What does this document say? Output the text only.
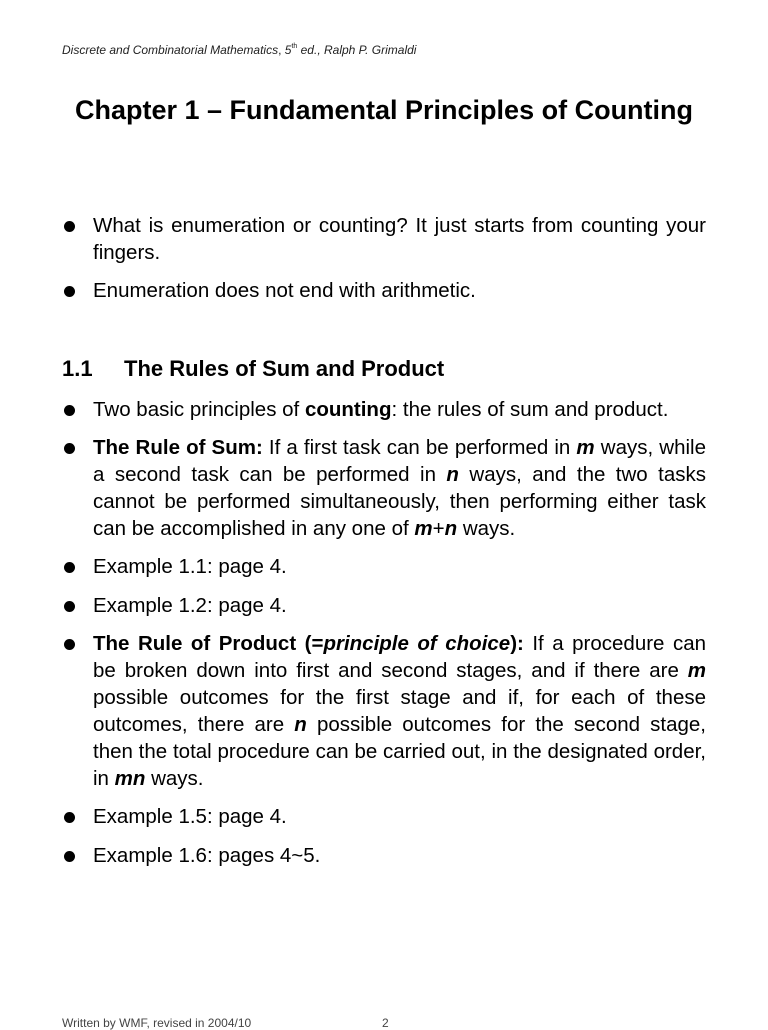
Discrete and Combinatorial Mathematics, 5th ed., Ralph P. Grimaldi
Chapter 1 – Fundamental Principles of Counting
What is enumeration or counting? It just starts from counting your fingers.
Enumeration does not end with arithmetic.
1.1 The Rules of Sum and Product
Two basic principles of counting: the rules of sum and product.
The Rule of Sum: If a first task can be performed in m ways, while a second task can be performed in n ways, and the two tasks cannot be performed simultaneously, then performing either task can be accomplished in any one of m+n ways.
Example 1.1: page 4.
Example 1.2: page 4.
The Rule of Product (=principle of choice): If a procedure can be broken down into first and second stages, and if there are m possible outcomes for the first stage and if, for each of these outcomes, there are n possible outcomes for the second stage, then the total procedure can be carried out, in the designated order, in mn ways.
Example 1.5: page 4.
Example 1.6: pages 4~5.
Written by WMF, revised in 2004/10	2
